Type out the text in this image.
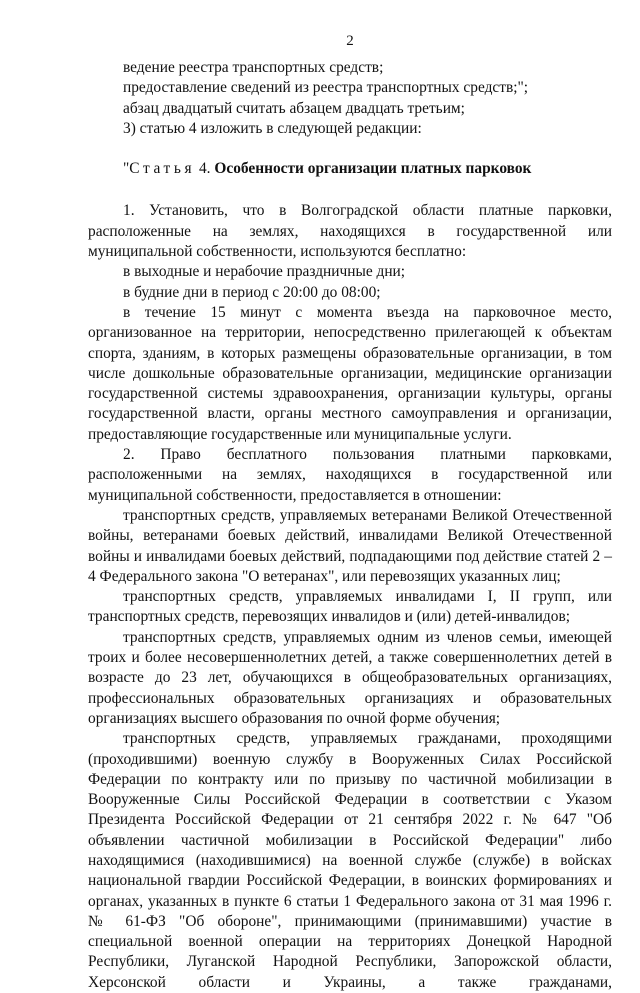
2

ведение реестра транспортных средств;

предоставление сведений из реестра транспортных средств;";

абзац двадцатый считать абзацем двадцать третьим;

3) статью 4 изложить в следующей редакции:

"Статья 4. Особенности организации платных парковок

1. Установить, что в Волгоградской области платные парковки, расположенные на землях, находящихся в государственной или муниципальной собственности, используются бесплатно:

в выходные и нерабочие праздничные дни;

в будние дни в период с 20:00 до 08:00;

в течение 15 минут с момента въезда на парковочное место, организованное на территории, непосредственно прилегающей к объектам спорта, зданиям, в которых размещены образовательные организации, в том числе дошкольные образовательные организации, медицинские организации государственной системы здравоохранения, организации культуры, органы государственной власти, органы местного самоуправления и организации, предоставляющие государственные или муниципальные услуги.

2. Право бесплатного пользования платными парковками, расположенными на землях, находящихся в государственной или муниципальной собственности, предоставляется в отношении:

транспортных средств, управляемых ветеранами Великой Отечественной войны, ветеранами боевых действий, инвалидами Великой Отечественной войны и инвалидами боевых действий, подпадающими под действие статей 2 – 4 Федерального закона "О ветеранах", или перевозящих указанных лиц;

транспортных средств, управляемых инвалидами I, II групп, или транспортных средств, перевозящих инвалидов и (или) детей-инвалидов;

транспортных средств, управляемых одним из членов семьи, имеющей троих и более несовершеннолетних детей, а также совершеннолетних детей в возрасте до 23 лет, обучающихся в общеобразовательных организациях, профессиональных образовательных организациях и образовательных организациях высшего образования по очной форме обучения;

транспортных средств, управляемых гражданами, проходящими (проходившими) военную службу в Вооруженных Силах Российской Федерации по контракту или по призыву по частичной мобилизации в Вооруженные Силы Российской Федерации в соответствии с Указом Президента Российской Федерации от 21 сентября 2022 г. № 647 "Об объявлении частичной мобилизации в Российской Федерации" либо находящимися (находившимися) на военной службе (службе) в войсках национальной гвардии Российской Федерации, в воинских формированиях и органах, указанных в пункте 6 статьи 1 Федерального закона от 31 мая 1996 г. № 61-ФЗ "Об обороне", принимающими (принимавшими) участие в специальной военной операции на территориях Донецкой Народной Республики, Луганской Народной Республики, Запорожской области, Херсонской области и Украины, а также гражданами,
